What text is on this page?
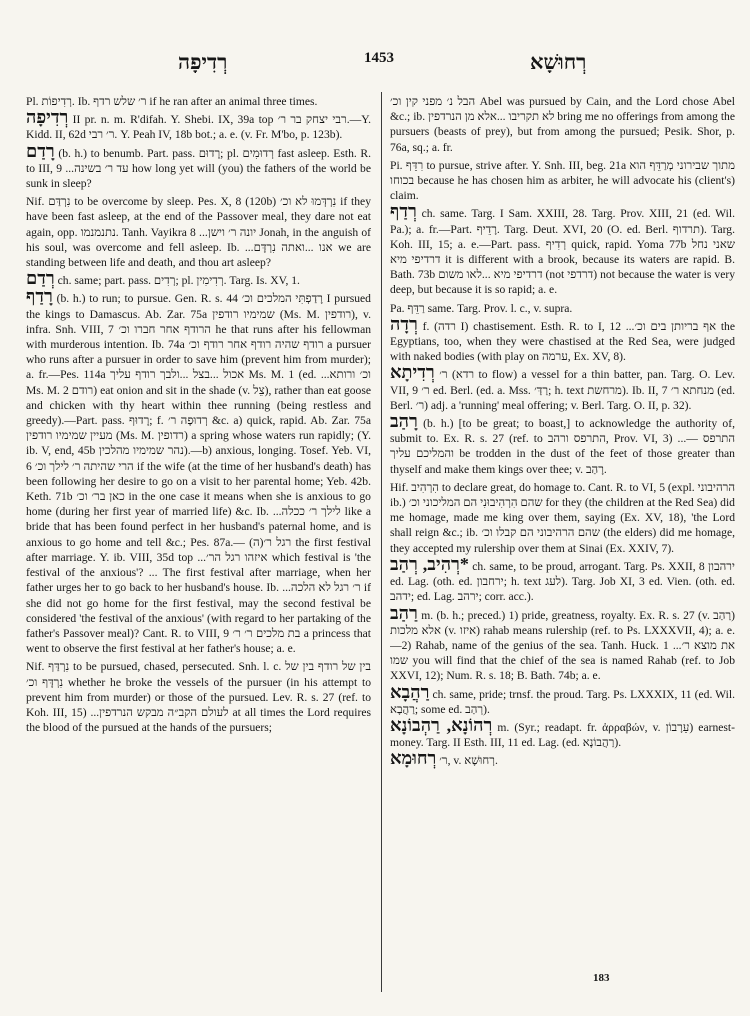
רְדִיפָה	1453	רְחוּשָׁא

Pl. רְדִיפוֹת. Ib. ר׳ שלש רדף if he ran after an animal three times.

רְדִיפָה II pr. n. m. R'difah. Y. Shebi. IX, 39a top רבי יצחק בר ר׳.—Y. Kidd. II, 62d ר׳ רבי. Y. Peah IV, 18b bot.; a. e. (v. Fr. M'bo, p. 123b).

רָדַם (b. h.) to benumb. Part. pass. רָדוּם; pl. רְדוּמִים fast asleep. Esth. R. to III, 9 ...עד ר׳ בשינה how long yet will (you) the fathers of the world be sunk in sleep?

Nif. נִרְדַּם to be overcome by sleep. Pes. X, 8 (120b) נִרְדְּמוּ לא וכ׳ if they have been fast asleep, at the end of the Passover meal, they dare not eat again, opp. נתנמנמו. Tanh. Vayikra 8 ...יונה ר׳ וישן Jonah, in the anguish of his soul, was overcome and fell asleep. Ib. ...אנו ...ואתה נִרְדָּם we are standing between life and death, and thou art asleep?

רְדַם ch. same; part. pass. רְדִים; pl. רְדִימִין. Targ. Is. XV, 1.

רָדַף (b. h.) to run; to pursue. Gen. R. s. 44 רָדַפְתִּי המלכים וכ׳ I pursued the kings to Damascus. Ab. Zar. 75a שמימיו רודפין (Ms. M. רודפין), v. infra. Snh. VIII, 7 הרודף אחר חברו וכ׳ he that runs after his fellowman with murderous intention. Ib. 74a רודף שהיה רודף אחר רודף וכ׳ a pursuer who runs after a pursuer in order to save him (prevent him from murder); a. fr.—Pes. 114a אכול ...בצל ...ולבך רודף עליך Ms. M. 1 (ed. ...וכ׳ ורותא Ms. M. 2 רודם) eat onion and sit in the shade (v. צֵל), rather than eat goose and chicken with thy heart within thee running (being restless and greedy).—Part. pass. רָדוּף; f. רְדוּפָה ר׳ &c. a) quick, rapid. Ab. Zar. 75a מעיין שמימיו רודפין (Ms. M. רדופין) a spring whose waters run rapidly; (Y. ib. V, end, 45b נהר שמימיו מהלכין).—b) anxious, longing. Tosef. Yeb. VI, 6 הרי שהיתה ר׳ לילך וכ׳ if the wife (at the time of her husband's death) has been following her desire to go on a visit to her parental home; Yeb. 42b. Keth. 71b כאן בר׳ וכ׳ in the one case it means when she is anxious to go home (during her first year of married life) &c. Ib. ...לילך ר׳ ככלה like a bride that has been found perfect in her husband's paternal home, and is anxious to go home and tell &c.; Pes. 87a.— (ה)רגל ר׳ the first festival after marriage. Y. ib. VIII, 35d top ...איזהו רגל הר׳ which festival is 'the festival of the anxious'? ... The first festival after marriage, when her father urges her to go back to her husband's house. Ib. ...ר׳ רגל לא הלכה if she did not go home for the first festival, may the second festival be considered 'the festival of the anxious' (with regard to her partaking of the father's Passover meal)? Cant. R. to VIII, 9 בת מלכים ר׳ ר׳ a princess that went to observe the first festival at her father's house; a. e.

Nif. נִרְדַּף to be pursued, chased, persecuted. Snh. l. c. בין של רודף בין של נִרְדָּף וכ׳ whether he broke the vessels of the pursuer (in his attempt to prevent him from murder) or those of the pursued. Lev. R. s. 27 (ref. to Koh. III, 15) ...לעולם הקב״ה מבקש הנרדפין at all times the Lord requires the blood of the pursued at the hands of the pursuers;

הבל נ׳ מפני קין וכ׳ Abel was pursued by Cain, and the Lord chose Abel &c.; ib. לא תקריבו ...אלא מן הנרדפין bring me no offerings from among the pursuers (beasts of prey), but from among the pursued; Pesik. Shor, p. 76a, sq.; a. fr.

Pi. רִדֵּף to pursue, strive after. Y. Snh. III, beg. 21a מתוך שבירוני מְרַדֵּף הוא בכוחו because he has chosen him as arbiter, he will advocate his (client's) claim.

רְדַף ch. same. Targ. I Sam. XXIII, 28. Targ. Prov. XIII, 21 (ed. Wil. Pa.); a. fr.—Part. רָדֵיף. Targ. Deut. XVI, 20 (O. ed. Berl. תרדוף). Targ. Koh. III, 15; a. e.—Part. pass. רְדִיף quick, rapid. Yoma 77b שאני נחל דרדיפי מיא it is different with a brook, because its waters are rapid. B. Bath. 73b דרדיפי מיא ...לאו משום (not דרדפי) not because the water is very deep, but because it is so rapid; a. e.

Pa. רַדֵּף same. Targ. Prov. l. c., v. supra.

רְדָה f. (רדה I) chastisement. Esth. R. to I, 12 ...אף בריותן בים וכ׳ the Egyptians, too, when they were chastised at the Red Sea, were judged with naked bodies (with play on ערמה, Ex. XV, 8).

רְדִיתָא ר׳ (רדא to flow) a vessel for a thin batter, pan. Targ. O. Lev. VII, 9 ר׳ ed. Berl. (ed. a. Mss. רַדַּ׳; h. text מרחשת). Ib. II, 7 מנחתא ר׳ (ed. Berl. ר׳) adj. a 'running' meal offering; v. Berl. Targ. O. II, p. 32).

רָהַב (b. h.) [to be great; to boast,] to acknowledge the authority of, submit to. Ex. R. s. 27 (ref. to התרפס ורהב, Prov. VI, 3) ...התרפס — והמליכם עליך be trodden in the dust of the feet of those greater than thyself and make them kings over thee; v. רָהַב.

Hif. הִרְהִיב to declare great, do homage to. Cant. R. to VI, 5 (expl. הרהיבוני ib.) שהם הִרְהִיבוּנִי הם המליכוני וכ׳ for they (the children at the Red Sea) did me homage, made me king over them, saying (Ex. XV, 18), 'the Lord shall reign &c.; ib. שהם הרהיבוני הם קבלו וכ׳ (the elders) did me homage, they accepted my rulership over them at Sinai (Ex. XXIV, 7).

*רְהִיב, רְהַב ch. same, to be proud, arrogant. Targ. Ps. XXII, 8 ירהבון ed. Lag. (oth. ed. ירחבון; h. text לעג). Targ. Job XI, 3 ed. Vien. (oth. ed. ידהב; ed. Lag. ירהב; corr. acc.).

רַהַב m. (b. h.; preced.) 1) pride, greatness, royalty. Ex. R. s. 27 (v. רַהַב) אלא מלכות (v. איזו) rahab means rulership (ref. to Ps. LXXXVII, 4); a. e.—2) Rahab, name of the genius of the sea. Tanh. Huck. 1 ...את מוצא ר׳ שמו you will find that the chief of the sea is named Rahab (ref. to Job XXVI, 12); Num. R. s. 18; B. Bath. 74b; a. e.

רַהֲבָא ch. same, pride; trnsf. the proud. Targ. Ps. LXXXIX, 11 (ed. Wil. רַהֲבָא; some ed. רְהַב).

רְהוֹנָא, רַהְבוֹנָא m. (Syr.; readapt. fr. ἀρραβών, v. עֵרָבוֹן) earnest-money. Targ. II Esth. III, 11 ed. Lag. (ed. רַהֲבוֹנָא).

רְחוּמָא ר׳, v. רְחוּשָׁא.

183
